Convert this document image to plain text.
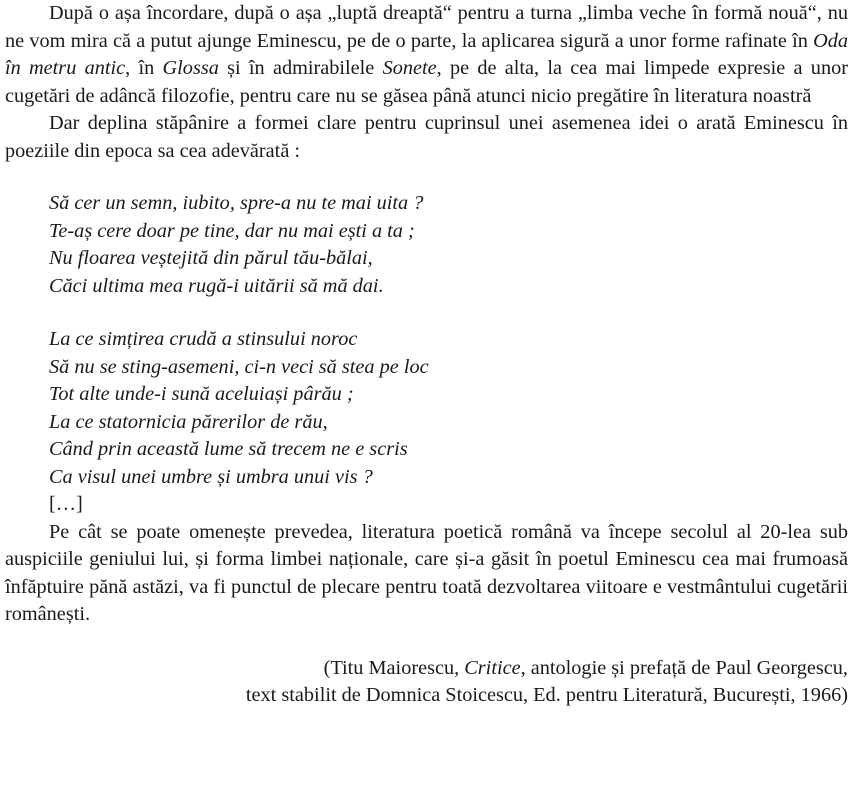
După o așa încordare, după o așa „luptă dreaptă“ pentru a turna „limba veche în formă nouă“, nu ne vom mira că a putut ajunge Eminescu, pe de o parte, la aplicarea sigură a unor forme rafinate în Oda în metru antic, în Glossa și în admirabilele Sonete, pe de alta, la cea mai limpede expresie a unor cugetări de adâncă filozofie, pentru care nu se găsea până atunci nicio pregătire în literatura noastră

Dar deplina stăpânire a formei clare pentru cuprinsul unei asemenea idei o arată Eminescu în poeziile din epoca sa cea adevărată :

Să cer un semn, iubito, spre-a nu te mai uita ?
Te-aș cere doar pe tine, dar nu mai ești a ta ;
Nu floarea veștejită din părul tău-bălai,
Căci ultima mea rugă-i uitării să mă dai.
La ce simțirea crudă a stinsului noroc
Să nu se sting-asemeni, ci-n veci să stea pe loc
Tot alte unde-i sună aceluiași pârău ;
La ce statornicia părerilor de rău,
Când prin această lume să trecem ne e scris
Ca visul unei umbre și umbra unui vis ?
[…]

Pe cât se poate omenește prevedea, literatura poetică română va începe secolul al 20-lea sub auspiciile geniului lui, și forma limbei naționale, care și-a găsit în poetul Eminescu cea mai frumoasă înfăptuire pănă astăzi, va fi punctul de plecare pentru toată dezvoltarea viitoare e vestmântului cugetării românești.

(Titu Maiorescu, Critice, antologie și prefață de Paul Georgescu,
text stabilit de Domnica Stoicescu, Ed. pentru Literatură, București, 1966)
